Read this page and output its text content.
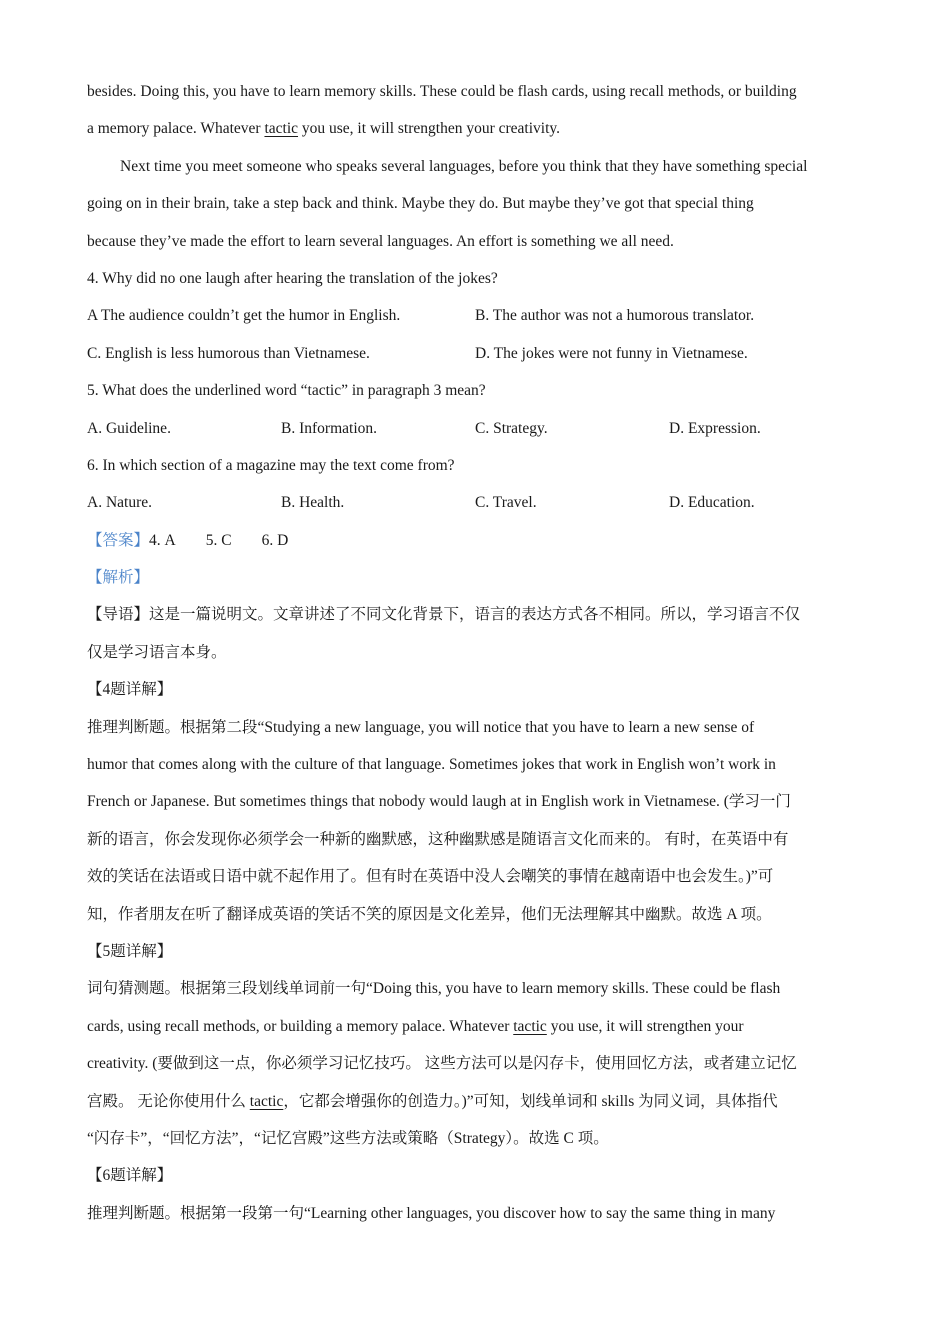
besides. Doing this, you have to learn memory skills. These could be flash cards, using recall methods, or building
a memory palace. Whatever tactic you use, it will strengthen your creativity.
Next time you meet someone who speaks several languages, before you think that they have something special
going on in their brain, take a step back and think. Maybe they do. But maybe they’ve got that special thing
because they’ve made the effort to learn several languages. An effort is something we all need.
4. Why did no one laugh after hearing the translation of the jokes?
A The audience couldn’t get the humor in English.	B. The author was not a humorous translator.
C. English is less humorous than Vietnamese.	D. The jokes were not funny in Vietnamese.
5. What does the underlined word “tactic” in paragraph 3 mean?
A. Guideline.	B. Information.	C. Strategy.	D. Expression.
6. In which section of a magazine may the text come from?
A. Nature.	B. Health.	C. Travel.	D. Education.
【答案】4. A 5. C 6. D
【解析】
【导语】这是一篇说明文。文章讲述了不同文化背景下，语言的表达方式各不相同。所以，学习语言不仅
仅是学习语言本身。
【4题详解】
推理判断题。根据第二段“Studying a new language, you will notice that you have to learn a new sense of
humor that comes along with the culture of that language. Sometimes jokes that work in English won’t work in
French or Japanese. But sometimes things that nobody would laugh at in English work in Vietnamese. (学习一门
新的语言，你会发现你必须学会一种新的幽默感，这种幽默感是随语言文化而来的。 有时，在英语中有
效的笑话在法语或日语中就不起作用了。但有时在英语中没人会嘲笑的事情在越南语中也会发生。)”可
知，作者朋友在听了翻译成英语的笑话不笑的原因是文化差异，他们无法理解其中幽默。故选 A 项。
【5题详解】
词句猜测题。根据第三段划线单词前一句“Doing this, you have to learn memory skills. These could be flash
cards, using recall methods, or building a memory palace. Whatever tactic you use, it will strengthen your
creativity. (要做到这一点，你必须学习记忆技巧。 这些方法可以是闪存卡，使用回忆方法，或者建立记忆
宫殿。 无论你使用什么 tactic，它都会增强你的创造力。)”可知，划线单词和 skills 为同义词，具体指代
“闪存卡”，“回忆方法”，“记忆宫殿”这些方法或策略（Strategy）。故选 C 项。
【6题详解】
推理判断题。根据第一段第一句“Learning other languages, you discover how to say the same thing in many
